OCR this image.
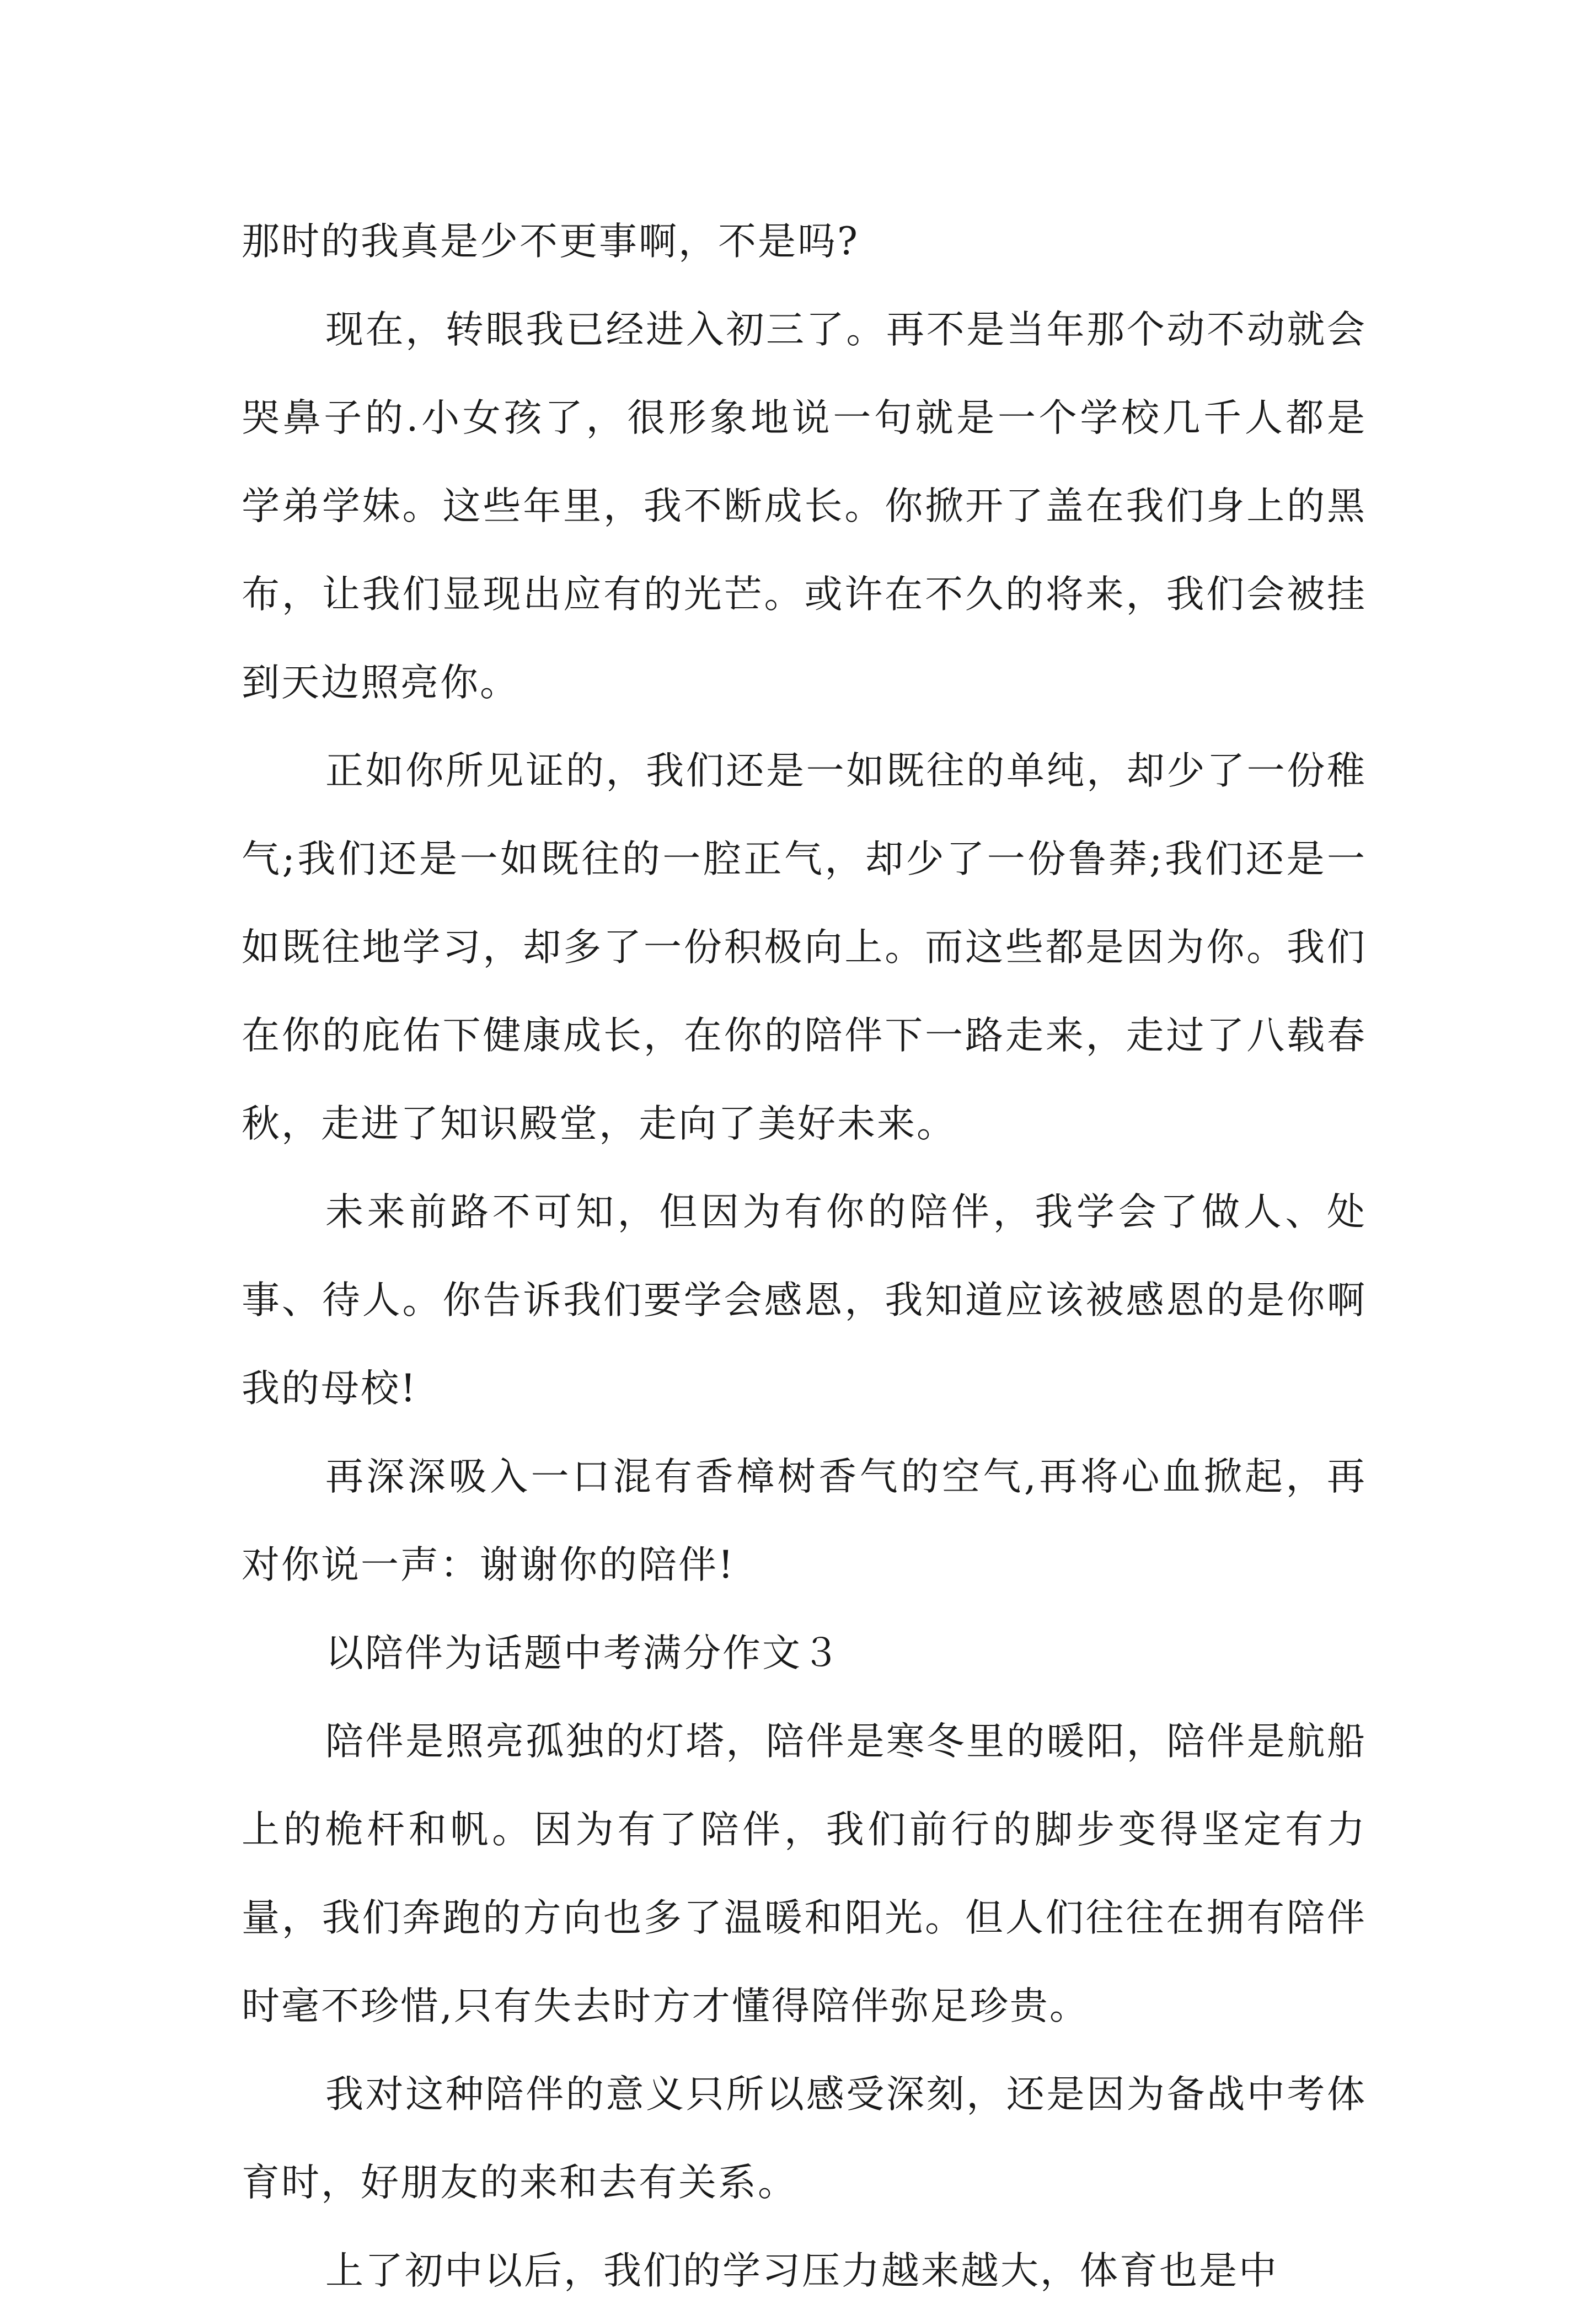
那时的我真是少不更事啊，不是吗?

现在，转眼我已经进入初三了。再不是当年那个动不动就会哭鼻子的.小女孩了，很形象地说一句就是一个学校几千人都是学弟学妹。这些年里，我不断成长。你掀开了盖在我们身上的黑布，让我们显现出应有的光芒。或许在不久的将来，我们会被挂到天边照亮你。

正如你所见证的，我们还是一如既往的单纯，却少了一份稚气;我们还是一如既往的一腔正气，却少了一份鲁莽;我们还是一如既往地学习，却多了一份积极向上。而这些都是因为你。我们在你的庇佑下健康成长，在你的陪伴下一路走来，走过了八载春秋，走进了知识殿堂，走向了美好未来。

未来前路不可知，但因为有你的陪伴，我学会了做人、处事、待人。你告诉我们要学会感恩，我知道应该被感恩的是你啊我的母校!

再深深吸入一口混有香樟树香气的空气,再将心血掀起，再对你说一声：谢谢你的陪伴!

以陪伴为话题中考满分作文３

陪伴是照亮孤独的灯塔，陪伴是寒冬里的暖阳，陪伴是航船上的桅杆和帆。因为有了陪伴，我们前行的脚步变得坚定有力量，我们奔跑的方向也多了温暖和阳光。但人们往往在拥有陪伴时毫不珍惜,只有失去时方才懂得陪伴弥足珍贵。

我对这种陪伴的意义只所以感受深刻，还是因为备战中考体育时，好朋友的来和去有关系。

上了初中以后，我们的学习压力越来越大，体育也是中
